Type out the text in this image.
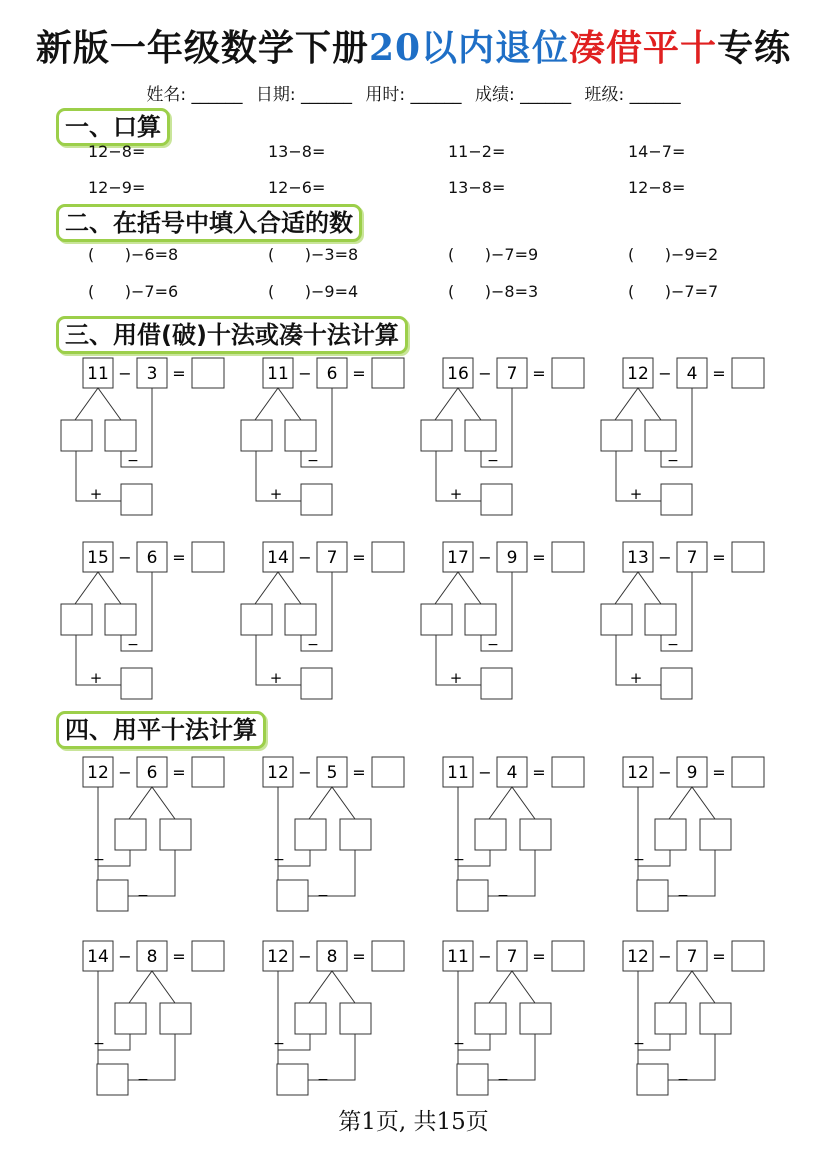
新版一年级数学下册20以内退位凑借平十专练
姓名: ______ 日期: ______ 用时: ______ 成绩: ______ 班级: ______
一、口算
12−8=	13−8=	11−2=	14−7=
12−9=	12−6=	13−8=	12−8=
二、在括号中填入合适的数
(      )−6=8	(      )−3=8	(      )−7=9	(      )−9=2
(      )−7=6	(      )−9=4	(      )−8=3	(      )−7=7
三、用借(破)十法或凑十法计算
四、用平十法计算
11 − 3 =
−
+
11 − 6 =
−
+
16 − 7 =
−
+
12 − 4 =
−
+
15 − 6 =
−
+
14 − 7 =
−
+
17 − 9 =
−
+
13 − 7 =
−
+
12 − 6 =
−
−
12 − 5 =
−
−
11 − 4 =
−
−
12 − 9 =
−
−
14 − 8 =
−
−
12 − 8 =
−
−
11 − 7 =
−
−
12 − 7 =
−
−
第1页, 共15页
